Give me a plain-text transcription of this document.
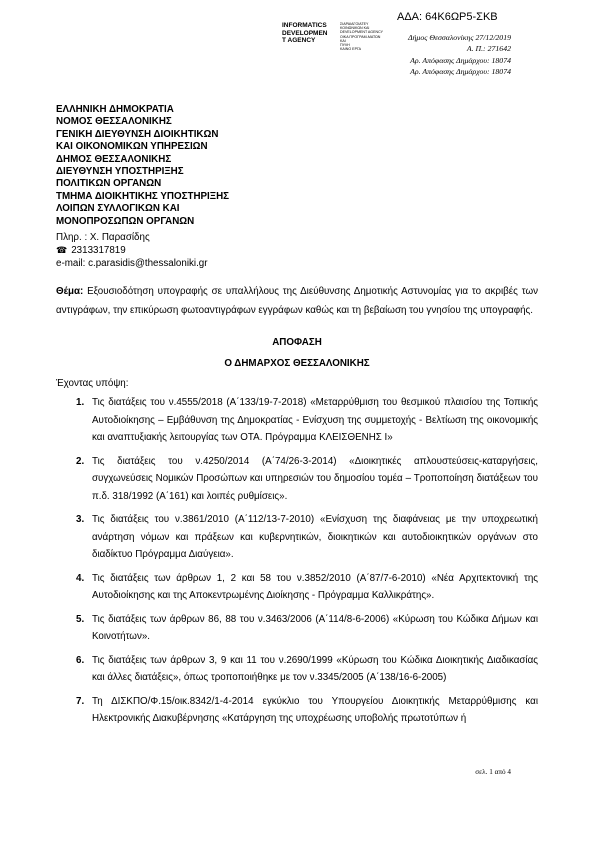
ΑΔΑ: 64Κ6ΩΡ5-ΣΚΒ
INFORMATICS
DEVELOPMEN
T AGENCY
ΣΙΑΡΑΙΑΓΟΙΑΤΕΥ
ΚΟΙΝΩΝΙΚΩΝ ΚΑΙ
DEVELOPMENT AGENCY
ΟΙΚΑ ΠΡΟΓΡΑΜ-ΜΑΤΩΝ
ΚΑΙ
ΠΥΛΗ
ΚΑΙΝΟ ΕΡΓΑ
Δήμος Θεσσαλονίκης 27/12/2019
Α. Π.: 271642
Αρ. Απόφασης Δημάρχου: 18074
Αρ. Απόφασης Δημάρχου: 18074
ΕΛΛΗΝΙΚΗ ΔΗΜΟΚΡΑΤΙΑ
ΝΟΜΟΣ ΘΕΣΣΑΛΟΝΙΚΗΣ
ΓΕΝΙΚΗ ΔΙΕΥΘΥΝΣΗ ΔΙΟΙΚΗΤΙΚΩΝ
ΚΑΙ ΟΙΚΟΝΟΜΙΚΩΝ ΥΠΗΡΕΣΙΩΝ
ΔΗΜΟΣ ΘΕΣΣΑΛΟΝΙΚΗΣ
ΔΙΕΥΘΥΝΣΗ ΥΠΟΣΤΗΡΙΞΗΣ
ΠΟΛΙΤΙΚΩΝ ΟΡΓΑΝΩΝ
ΤΜΗΜΑ ΔΙΟΙΚΗΤΙΚΗΣ ΥΠΟΣΤΗΡΙΞΗΣ
ΛΟΙΠΩΝ ΣΥΛΛΟΓΙΚΩΝ ΚΑΙ
ΜΟΝΟΠΡΟΣΩΠΩΝ ΟΡΓΑΝΩΝ
Πληρ. : Χ. Παρασίδης
☎ 2313317819
e-mail: c.parasidis@thessaloniki.gr
Θέμα: Εξουσιοδότηση υπογραφής σε υπαλλήλους της Διεύθυνσης Δημοτικής Αστυνομίας για το ακριβές των αντιγράφων, την επικύρωση φωτοαντιγράφων εγγράφων καθώς και τη βεβαίωση του γνησίου της υπογραφής.
ΑΠΟΦΑΣΗ
Ο ΔΗΜΑΡΧΟΣ ΘΕΣΣΑΛΟΝΙΚΗΣ
Έχοντας υπόψη:
1. Τις διατάξεις του ν.4555/2018 (Α΄133/19-7-2018) «Μεταρρύθμιση του θεσμικού πλαισίου της Τοπικής Αυτοδιοίκησης – Εμβάθυνση της Δημοκρατίας - Ενίσχυση της συμμετοχής - Βελτίωση της οικονομικής και αναπτυξιακής λειτουργίας των ΟΤΑ. Πρόγραμμα ΚΛΕΙΣΘΕΝΗΣ Ι»
2. Τις διατάξεις του ν.4250/2014 (Α΄74/26-3-2014) «Διοικητικές απλουστεύσεις-καταργήσεις, συγχωνεύσεις Νομικών Προσώπων και υπηρεσιών του δημοσίου τομέα – Τροποποίηση διατάξεων του π.δ. 318/1992 (Α΄161) και λοιπές ρυθμίσεις».
3. Τις διατάξεις του ν.3861/2010 (Α΄112/13-7-2010) «Ενίσχυση της διαφάνειας με την υποχρεωτική ανάρτηση νόμων και πράξεων και κυβερνητικών, διοικητικών και αυτοδιοικητικών οργάνων στο διαδίκτυο Πρόγραμμα Διαύγεια».
4. Τις διατάξεις των άρθρων 1, 2 και 58 του ν.3852/2010 (Α΄87/7-6-2010) «Νέα Αρχιτεκτονική της Αυτοδιοίκησης και της Αποκεντρωμένης Διοίκησης - Πρόγραμμα Καλλικράτης».
5. Τις διατάξεις των άρθρων 86, 88 του ν.3463/2006 (Α΄114/8-6-2006) «Κύρωση του Κώδικα Δήμων και Κοινοτήτων».
6. Τις διατάξεις των άρθρων 3, 9 και 11 του ν.2690/1999 «Κύρωση του Κώδικα Διοικητικής Διαδικασίας και άλλες διατάξεις», όπως τροποποιήθηκε με τον ν.3345/2005 (Α΄138/16-6-2005)
7. Τη ΔΙΣΚΠΟ/Φ.15/οικ.8342/1-4-2014 εγκύκλιο του Υπουργείου Διοικητικής Μεταρρύθμισης και Ηλεκτρονικής Διακυβέρνησης «Κατάργηση της υποχρέωσης υποβολής πρωτοτύπων ή
σελ. 1 από 4
